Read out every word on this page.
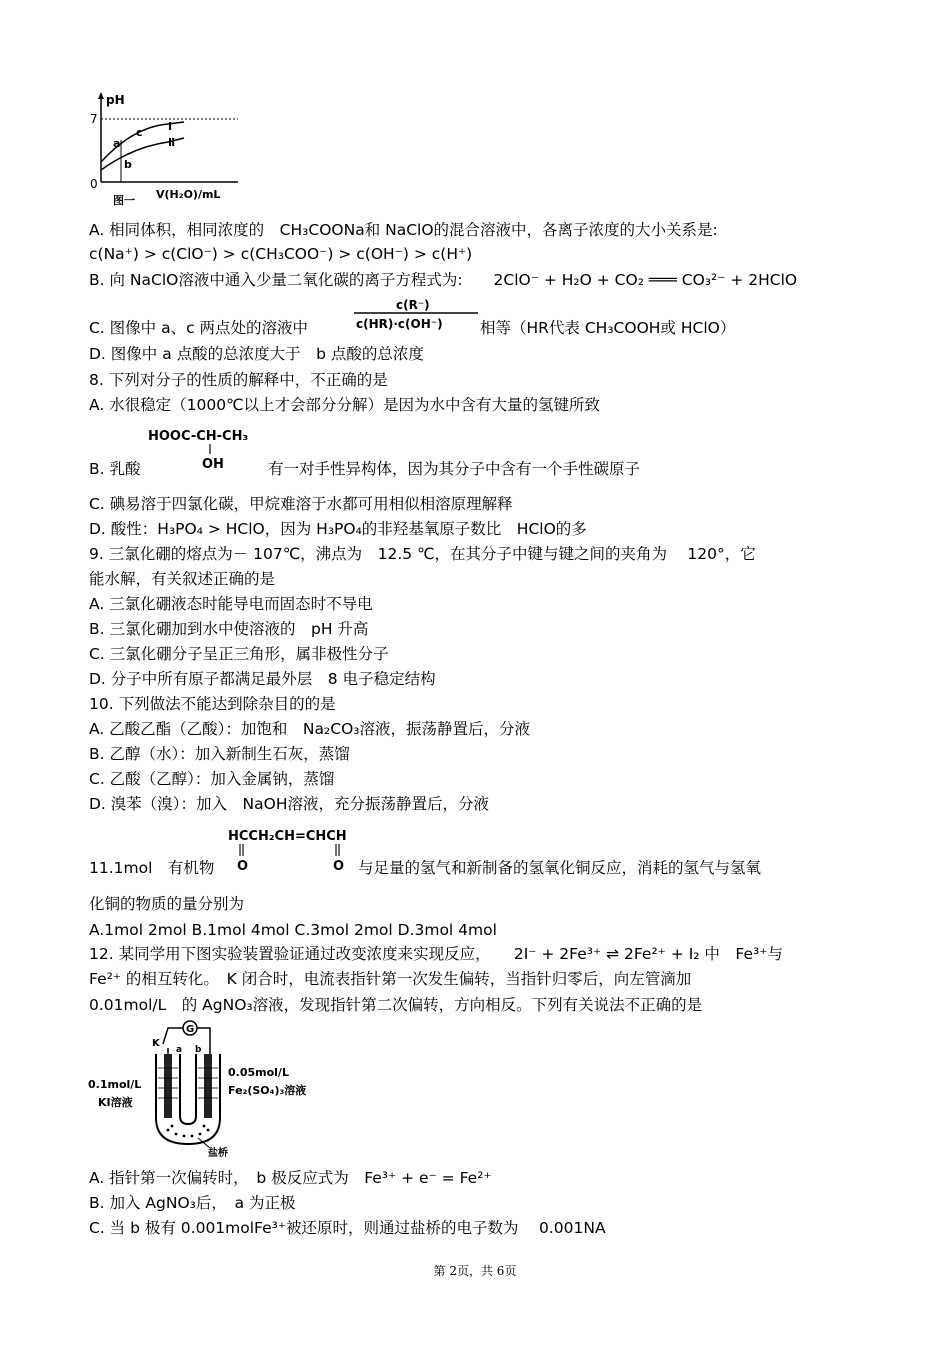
pH
7
0
Ⅰ
Ⅱ
a
c
b
图一 V(H₂O)/mL
A. 相同体积，相同浓度的　CH₃COONa和 NaClO的混合溶液中，各离子浓度的大小关系是:
c(Na⁺) > c(ClO⁻) > c(CH₃COO⁻) > c(OH⁻) > c(H⁺)
B. 向 NaClO溶液中通入少量二氧化碳的离子方程式为:　　2ClO⁻ + H₂O + CO₂ ═══ CO₃²⁻ + 2HClO
C. 图像中 a、c 两点处的溶液中
c(R⁻)
c(HR)·c(OH⁻) 相等（HR代表 CH₃COOH或 HClO）
D. 图像中 a 点酸的总浓度大于　b 点酸的总浓度
8. 下列对分子的性质的解释中，不正确的是
A. 水很稳定（1000℃以上才会部分分解）是因为水中含有大量的氢键所致
HOOC-CH-CH₃
OH
B. 乳酸	有一对手性异构体，因为其分子中含有一个手性碳原子
C. 碘易溶于四氯化碳，甲烷难溶于水都可用相似相溶原理解释
D. 酸性：H₃PO₄ > HClO，因为 H₃PO₄的非羟基氧原子数比　HClO的多
9. 三氯化硼的熔点为－ 107℃，沸点为　12.5 ℃，在其分子中键与键之间的夹角为　 120°，它
能水解，有关叙述正确的是
A. 三氯化硼液态时能导电而固态时不导电
B. 三氯化硼加到水中使溶液的　pH 升高
C. 三氯化硼分子呈正三角形，属非极性分子
D. 分子中所有原子都满足最外层　8 电子稳定结构
10. 下列做法不能达到除杂目的的是
A. 乙酸乙酯（乙酸）：加饱和　Na₂CO₃溶液，振荡静置后，分液
B. 乙醇（水）：加入新制生石灰，蒸馏
C. 乙酸（乙醇）：加入金属钠，蒸馏
D. 溴苯（溴）：加入　NaOH溶液，充分振荡静置后，分液
HCCH₂CH=CHCH
O	O
11.1mol　有机物	与足量的氢气和新制备的氢氧化铜反应，消耗的氢气与氢氧
化铜的物质的量分别为
A.1mol 2mol B.1mol 4mol C.3mol 2mol D.3mol 4mol
12. 某同学用下图实验装置验证通过改变浓度来实现反应，　　2I⁻ + 2Fe³⁺ ⇌ 2Fe²⁺ + I₂ 中　Fe³⁺与
Fe²⁺ 的相互转化。　K 闭合时，电流表指针第一次发生偏转，当指针归零后，向左管滴加
0.01mol/L　的 AgNO₃溶液，发现指针第二次偏转，方向相反。下列有关说法不正确的是
G
K
a b
盐桥
0.1mol/L
KI溶液
0.05mol/L
Fe₂(SO₄)₃溶液
A. 指针第一次偏转时，　b 极反应式为　Fe³⁺ + e⁻ = Fe²⁺
B. 加入 AgNO₃后，　a 为正极
C. 当 b 极有 0.001molFe³⁺被还原时，则通过盐桥的电子数为　 0.001NA
第 2页，共 6页
